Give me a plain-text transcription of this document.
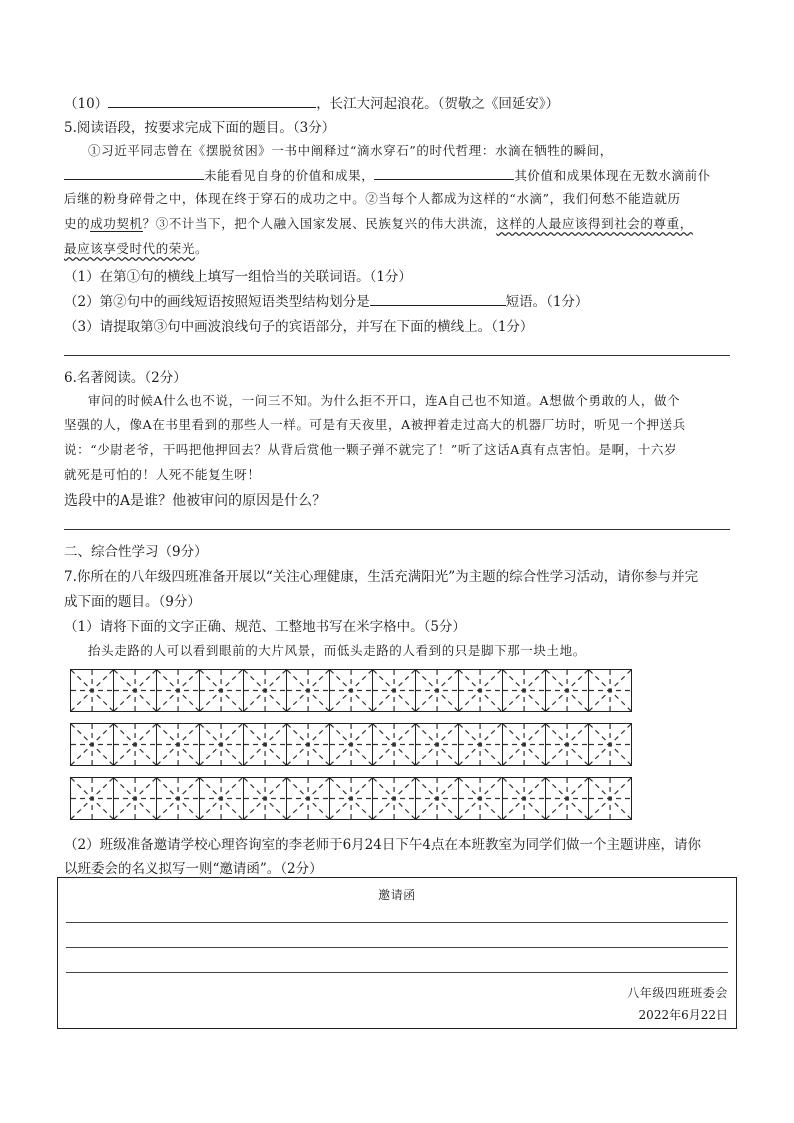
（10）	，长江大河起浪花。（贺敬之《回延安》）
5.阅读语段，按要求完成下面的题目。（3分）
①习近平同志曾在《摆脱贫困》一书中阐释过“滴水穿石”的时代哲理：水滴在牺牲的瞬间，
未能看见自身的价值和成果，	其价值和成果体现在无数水滴前仆
后继的粉身碎骨之中，体现在终于穿石的成功之中。②当每个人都成为这样的“水滴”，我们何愁不能造就历
史的成功契机？③不计当下，把个人融入国家发展、民族复兴的伟大洪流，这样的人最应该得到社会的尊重，
最应该享受时代的荣光。
（1）在第①句的横线上填写一组恰当的关联词语。（1分）
（2）第②句中的画线短语按照短语类型结构划分是	短语。（1分）
（3）请提取第③句中画波浪线句子的宾语部分，并写在下面的横线上。（1分）
6.名著阅读。（2分）
审问的时候A什么也不说，一问三不知。为什么拒不开口，连A自己也不知道。A想做个勇敢的人，做个
坚强的人，像A在书里看到的那些人一样。可是有天夜里，A被押着走过高大的机器厂坊时，听见一个押送兵
说：“少尉老爷，干吗把他押回去？从背后赏他一颗子弹不就完了！”听了这话A真有点害怕。是啊，十六岁
就死是可怕的！人死不能复生呀！
选段中的A是谁？他被审问的原因是什么？
二、综合性学习（9分）
7.你所在的八年级四班准备开展以“关注心理健康，生活充满阳光”为主题的综合性学习活动，请你参与并完
成下面的题目。（9分）
（1）请将下面的文字正确、规范、工整地书写在米字格中。（5分）
抬头走路的人可以看到眼前的大片风景，而低头走路的人看到的只是脚下那一块土地。
（2）班级准备邀请学校心理咨询室的李老师于6月24日下午4点在本班教室为同学们做一个主题讲座，请你
以班委会的名义拟写一则“邀请函”。（2分）
邀请函
八年级四班班委会
2022年6月22日
